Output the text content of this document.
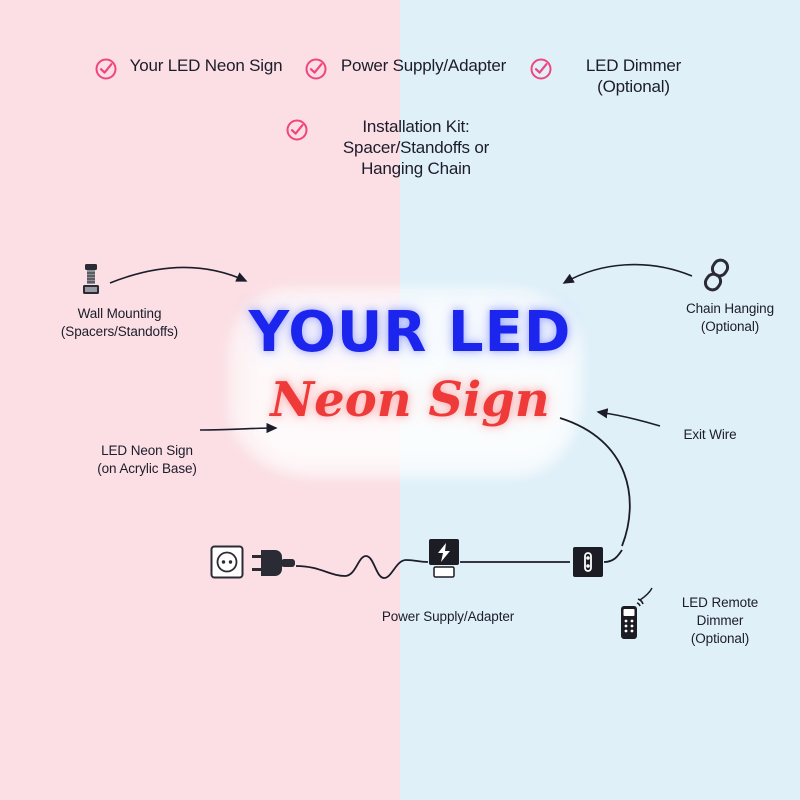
Your LED Neon Sign	Power Supply/Adapter	LED Dimmer (Optional)
Installation Kit: Spacer/Standoffs or Hanging Chain
YOUR LED
Neon Sign
Wall Mounting
(Spacers/Standoffs)
Chain Hanging
(Optional)
LED Neon Sign
(on Acrylic Base)
Exit Wire
Power Supply/Adapter
LED Remote
Dimmer
(Optional)
